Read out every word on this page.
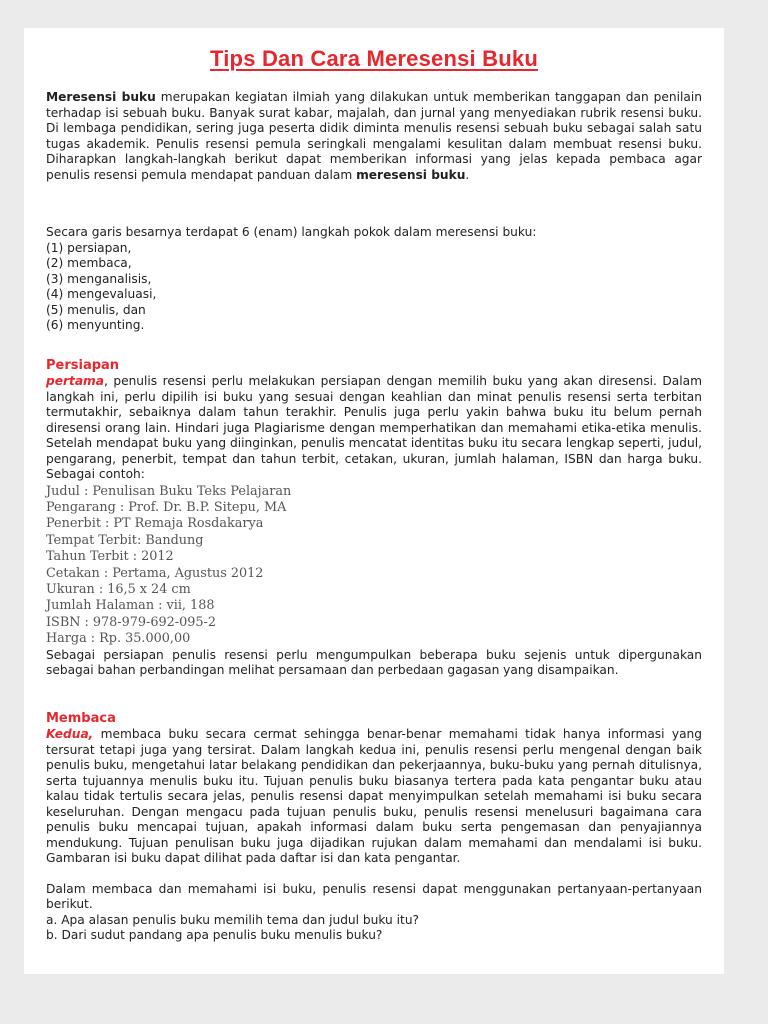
Tips Dan Cara Meresensi Buku

Meresensi buku merupakan kegiatan ilmiah yang dilakukan untuk memberikan tanggapan dan penilain terhadap isi sebuah buku. Banyak surat kabar, majalah, dan jurnal yang menyediakan rubrik resensi buku. Di lembaga pendidikan, sering juga peserta didik diminta menulis resensi sebuah buku sebagai salah satu tugas akademik. Penulis resensi pemula seringkali mengalami kesulitan dalam membuat resensi buku. Diharapkan langkah-langkah berikut dapat memberikan informasi yang jelas kepada pembaca agar penulis resensi pemula mendapat panduan dalam meresensi buku.

Secara garis besarnya terdapat 6 (enam) langkah pokok dalam meresensi buku:

(1) persiapan,

(2) membaca,

(3) menganalisis,

(4) mengevaluasi,

(5) menulis, dan

(6) menyunting.

Persiapan

pertama, penulis resensi perlu melakukan persiapan dengan memilih buku yang akan diresensi. Dalam langkah ini, perlu dipilih isi buku yang sesuai dengan keahlian dan minat penulis resensi serta terbitan termutakhir, sebaiknya dalam tahun terakhir. Penulis juga perlu yakin bahwa buku itu belum pernah diresensi orang lain. Hindari juga Plagiarisme dengan memperhatikan dan memahami etika-etika menulis. Setelah mendapat buku yang diinginkan, penulis mencatat identitas buku itu secara lengkap seperti, judul, pengarang, penerbit, tempat dan tahun terbit, cetakan, ukuran, jumlah halaman, ISBN dan harga buku. Sebagai contoh:

Judul : Penulisan Buku Teks Pelajaran

Pengarang : Prof. Dr. B.P. Sitepu, MA

Penerbit : PT Remaja Rosdakarya

Tempat Terbit: Bandung

Tahun Terbit : 2012

Cetakan : Pertama, Agustus 2012

Ukuran : 16,5 x 24 cm

Jumlah Halaman : vii, 188

ISBN : 978-979-692-095-2

Harga : Rp. 35.000,00

Sebagai persiapan penulis resensi perlu mengumpulkan beberapa buku sejenis untuk dipergunakan sebagai bahan perbandingan melihat persamaan dan perbedaan gagasan yang disampaikan.

Membaca

Kedua, membaca buku secara cermat sehingga benar-benar memahami tidak hanya informasi yang tersurat tetapi juga yang tersirat. Dalam langkah kedua ini, penulis resensi perlu mengenal dengan baik penulis buku, mengetahui latar belakang pendidikan dan pekerjaannya, buku-buku yang pernah ditulisnya, serta tujuannya menulis buku itu. Tujuan penulis buku biasanya tertera pada kata pengantar buku atau kalau tidak tertulis secara jelas, penulis resensi dapat menyimpulkan setelah memahami isi buku secara keseluruhan. Dengan mengacu pada tujuan penulis buku, penulis resensi menelusuri bagaimana cara penulis buku mencapai tujuan, apakah informasi dalam buku serta pengemasan dan penyajiannya mendukung. Tujuan penulisan buku juga dijadikan rujukan dalam memahami dan mendalami isi buku. Gambaran isi buku dapat dilihat pada daftar isi dan kata pengantar.

Dalam membaca dan memahami isi buku, penulis resensi dapat menggunakan pertanyaan-pertanyaan berikut.

a. Apa alasan penulis buku memilih tema dan judul buku itu?

b. Dari sudut pandang apa penulis buku menulis buku?
